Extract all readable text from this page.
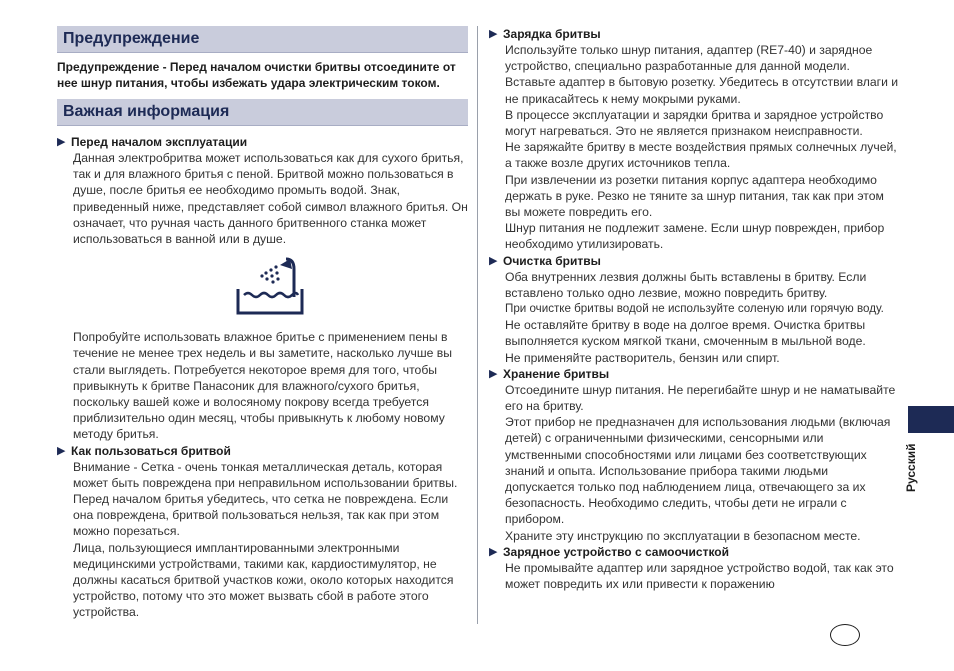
Предупреждение
Предупреждение - Перед началом очистки бритвы отсоедините от нее шнур питания, чтобы избежать удара электрическим током.
Важная информация
▶ Перед началом эксплуатации
Данная электробритва может использоваться как для сухого бритья, так и для влажного бритья с пеной. Бритвой можно пользоваться в душе, после бритья ее необходимо промыть водой. Знак, приведенный ниже, представляет собой символ влажного бритья. Он означает, что ручная часть данного бритвенного станка может использоваться в ванной или в душе.
Попробуйте использовать влажное бритье с применением пены в течение не менее трех недель и вы заметите, насколько лучше вы стали выглядеть. Потребуется некоторое время для того, чтобы привыкнуть к бритве Панасоник для влажного/сухого бритья, поскольку вашей коже и волосяному покрову всегда требуется приблизительно один месяц, чтобы привыкнуть к любому новому методу бритья.
▶ Как пользоваться бритвой
Внимание - Сетка - очень тонкая металлическая деталь, которая может быть повреждена при неправильном использовании бритвы. Перед началом бритья убедитесь, что сетка не повреждена. Если она повреждена, бритвой пользоваться нельзя, так как при этом можно порезаться.
Лица, пользующиеся имплантированными электронными медицинскими устройствами, такими как, кардиостимулятор, не должны касаться бритвой участков кожи, около которых находится устройство, потому что это может вызвать сбой в работе этого устройства.
▶ Зарядка бритвы
Используйте только шнур питания, адаптер (RE7-40) и зарядное устройство, специально разработанные для данной модели. Вставьте адаптер в бытовую розетку. Убедитесь в отсутствии влаги и не прикасайтесь к нему мокрыми руками.
В процессе эксплуатации и зарядки бритва и зарядное устройство могут нагреваться. Это не является признаком неисправности.
Не заряжайте бритву в месте воздействия прямых солнечных лучей, а также возле других источников тепла.
При извлечении из розетки питания корпус адаптера необходимо держать в руке. Резко не тяните за шнур питания, так как при этом вы можете повредить его.
Шнур питания не подлежит замене. Если шнур поврежден, прибор необходимо утилизировать.
▶ Очистка бритвы
Оба внутренних лезвия должны быть вставлены в бритву. Если вставлено только одно лезвие, можно повредить бритву.
При очистке бритвы водой не используйте соленую или горячую воду.
Не оставляйте бритву в воде на долгое время. Очистка бритвы выполняется куском мягкой ткани, смоченным в мыльной воде.
Не применяйте растворитель, бензин или спирт.
▶ Хранение бритвы
Отсоедините шнур питания. Не перегибайте шнур и не наматывайте его на бритву.
Этот прибор не предназначен для использования людьми (включая детей) с ограниченными физическими, сенсорными или умственными способностями или лицами без соответствующих знаний и опыта. Использование прибора такими людьми допускается только под наблюдением лица, отвечающего за их безопасность. Необходимо следить, чтобы дети не играли с прибором.
Храните эту инструкцию по эксплуатации в безопасном месте.
▶ Зарядное устройство с самоочисткой
Не промывайте адаптер или зарядное устройство водой, так как это может повредить их или привести к поражению
Русский
